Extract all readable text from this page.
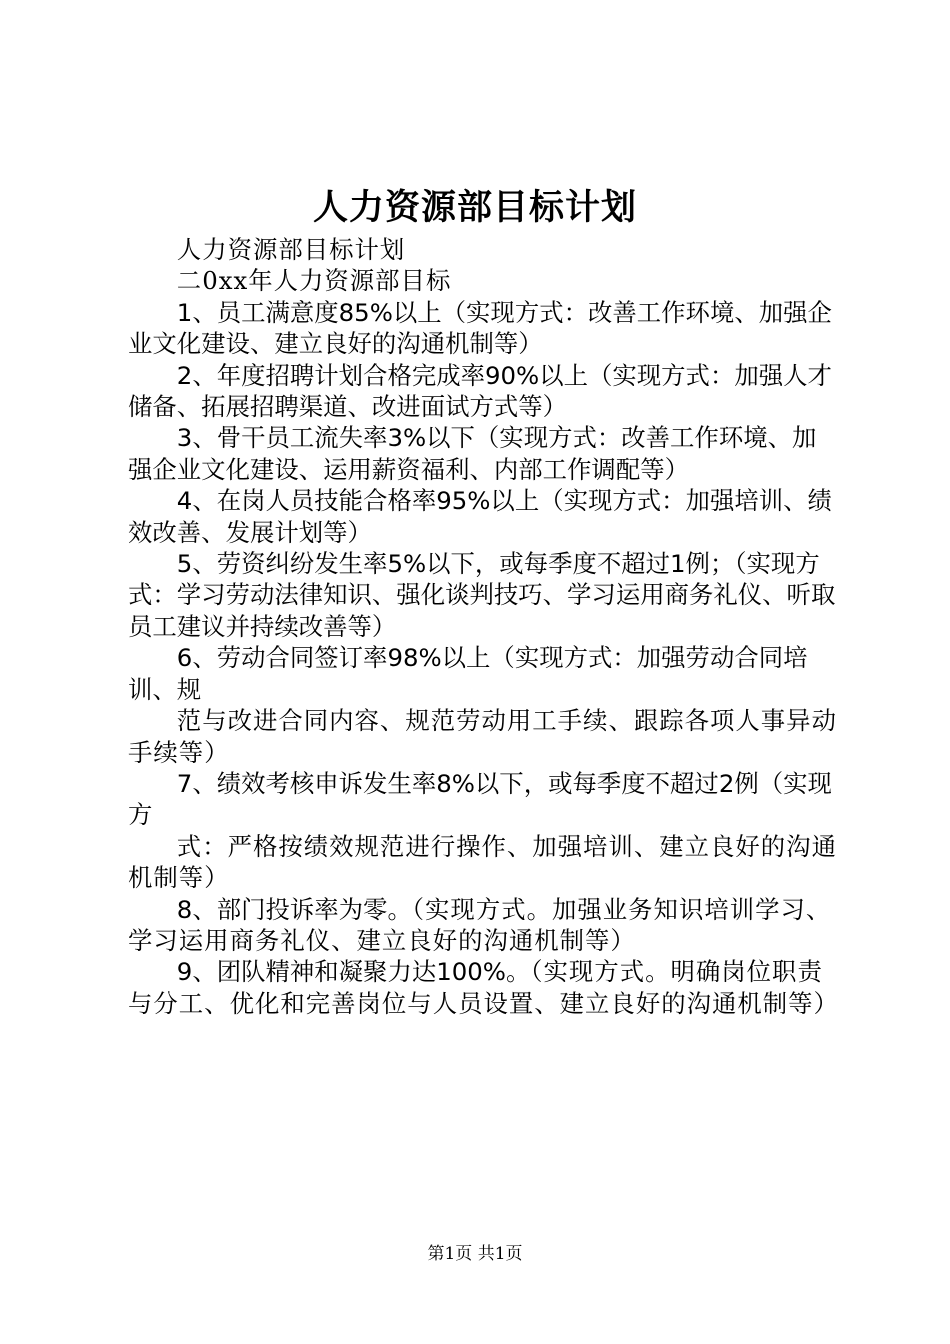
人力资源部目标计划

人力资源部目标计划

二0xx年人力资源部目标

1、员工满意度85%以上（实现方式：改善工作环境、加强企业文化建设、建立良好的沟通机制等）

2、年度招聘计划合格完成率90%以上（实现方式：加强人才储备、拓展招聘渠道、改进面试方式等）

3、骨干员工流失率3%以下（实现方式：改善工作环境、加强企业文化建设、运用薪资福利、内部工作调配等）

4、在岗人员技能合格率95%以上（实现方式：加强培训、绩效改善、发展计划等）

5、劳资纠纷发生率5%以下，或每季度不超过1例；（实现方式：学习劳动法律知识、强化谈判技巧、学习运用商务礼仪、听取员工建议并持续改善等）

6、劳动合同签订率98%以上（实现方式：加强劳动合同培训、规

范与改进合同内容、规范劳动用工手续、跟踪各项人事异动手续等）

7、绩效考核申诉发生率8%以下，或每季度不超过2例（实现方

式：严格按绩效规范进行操作、加强培训、建立良好的沟通机制等）

8、部门投诉率为零。（实现方式。加强业务知识培训学习、学习运用商务礼仪、建立良好的沟通机制等）

9、团队精神和凝聚力达100%。（实现方式。明确岗位职责与分工、优化和完善岗位与人员设置、建立良好的沟通机制等）

第1页 共1页
